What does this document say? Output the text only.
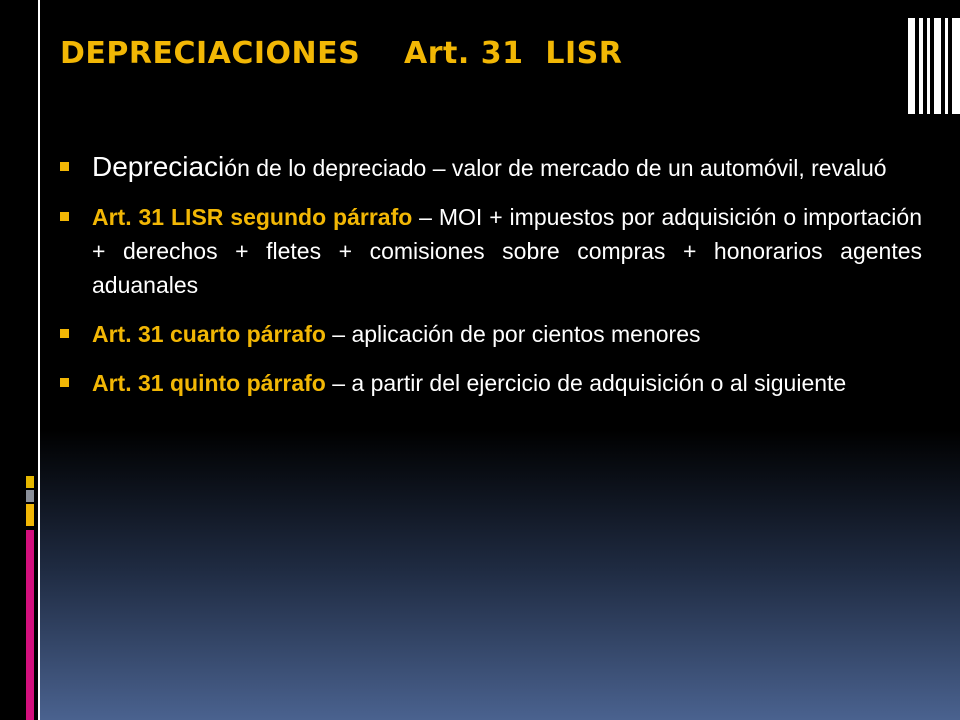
DEPRECIACIONES    Art. 31  LISR
Depreciación de lo depreciado – valor de mercado de un automóvil, revaluó
Art. 31 LISR segundo párrafo – MOI + impuestos por adquisición o importación + derechos + fletes + comisiones sobre compras + honorarios agentes aduanales
Art. 31 cuarto párrafo – aplicación de por cientos menores
Art. 31 quinto párrafo – a partir del ejercicio de adquisición o al siguiente
